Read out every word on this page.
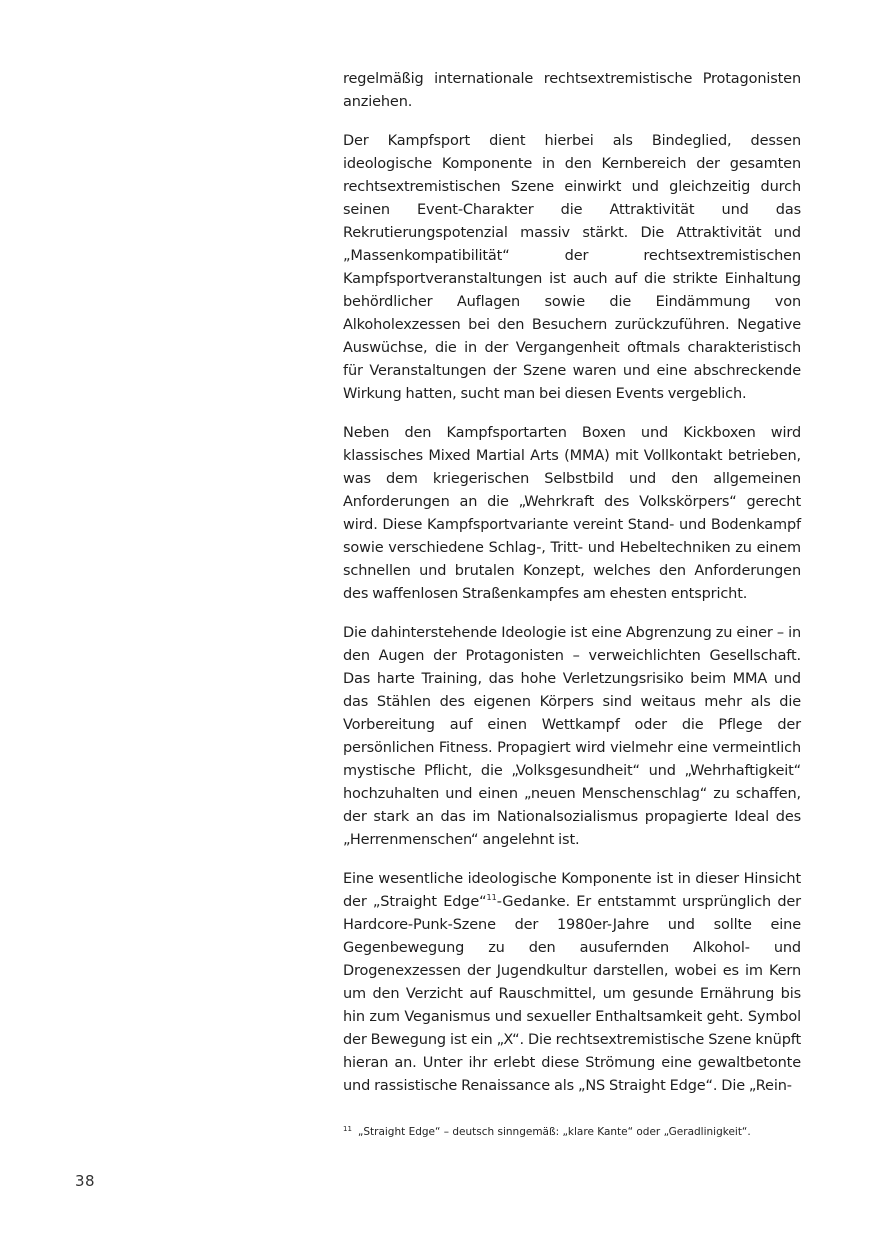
regelmäßig internationale rechtsextremistische Protagonisten anziehen.

Der Kampfsport dient hierbei als Bindeglied, dessen ideologische Komponente in den Kernbereich der gesamten rechtsextremistischen Szene einwirkt und gleichzeitig durch seinen Event-Charakter die Attraktivität und das Rekrutierungspotenzial massiv stärkt. Die Attraktivität und „Massenkompatibilität“ der rechtsextremistischen Kampfsportveranstaltungen ist auch auf die strikte Einhaltung behördlicher Auflagen sowie die Eindämmung von Alkoholexzessen bei den Besuchern zurückzuführen. Negative Auswüchse, die in der Vergangenheit oftmals charakteristisch für Veranstaltungen der Szene waren und eine abschreckende Wirkung hatten, sucht man bei diesen Events vergeblich.

Neben den Kampfsportarten Boxen und Kickboxen wird klassisches Mixed Martial Arts (MMA) mit Vollkontakt betrieben, was dem kriegerischen Selbstbild und den allgemeinen Anforderungen an die „Wehrkraft des Volkskörpers“ gerecht wird. Diese Kampfsportvariante vereint Stand- und Bodenkampf sowie verschiedene Schlag-, Tritt- und Hebeltechniken zu einem schnellen und brutalen Konzept, welches den Anforderungen des waffenlosen Straßenkampfes am ehesten entspricht.

Die dahinterstehende Ideologie ist eine Abgrenzung zu einer – in den Augen der Protagonisten – verweichlichten Gesellschaft. Das harte Training, das hohe Verletzungsrisiko beim MMA und das Stählen des eigenen Körpers sind weitaus mehr als die Vorbereitung auf einen Wettkampf oder die Pflege der persönlichen Fitness. Propagiert wird vielmehr eine vermeintlich mystische Pflicht, die „Volksgesundheit“ und „Wehrhaftigkeit“ hochzuhalten und einen „neuen Menschenschlag“ zu schaffen, der stark an das im Nationalsozialismus propagierte Ideal des „Herrenmenschen“ angelehnt ist.

Eine wesentliche ideologische Komponente ist in dieser Hinsicht der „Straight Edge“$^{11}$-Gedanke. Er entstammt ursprünglich der Hardcore-Punk-Szene der 1980er-Jahre und sollte eine Gegenbewegung zu den ausufernden Alkohol- und Drogenexzessen der Jugendkultur darstellen, wobei es im Kern um den Verzicht auf Rauschmittel, um gesunde Ernährung bis hin zum Veganismus und sexueller Enthaltsamkeit geht. Symbol der Bewegung ist ein „X“. Die rechtsextremistische Szene knüpft hieran an. Unter ihr erlebt diese Strömung eine gewaltbetonte und rassistische Renaissance als „NS Straight Edge“. Die „Rein-

$^{11}$ „Straight Edge“ – deutsch sinngemäß: „klare Kante“ oder „Geradlinigkeit“.
38
